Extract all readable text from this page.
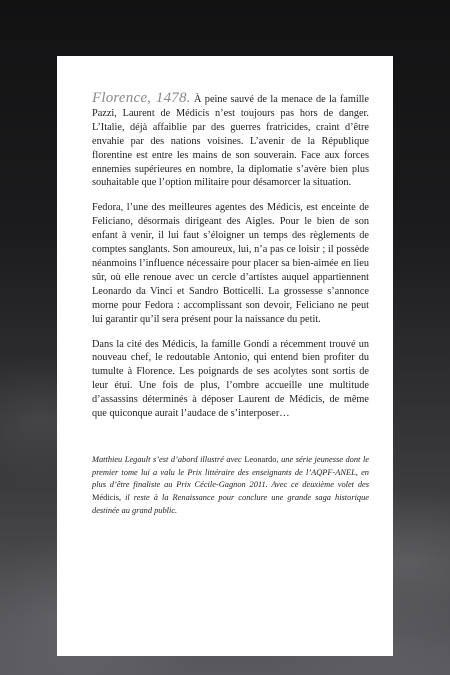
Florence, 1478. À peine sauvé de la menace de la famille Pazzi, Laurent de Médicis n’est toujours pas hors de danger. L’Italie, déjà affaiblie par des guerres fratricides, craint d’être envahie par des nations voisines. L’avenir de la République florentine est entre les mains de son souverain. Face aux forces ennemies supérieures en nombre, la diplomatie s’avère bien plus souhaitable que l’option militaire pour désamorcer la situation.

Fedora, l’une des meilleures agentes des Médicis, est enceinte de Feliciano, désormais dirigeant des Aigles. Pour le bien de son enfant à venir, il lui faut s’éloigner un temps des règlements de comptes sanglants. Son amoureux, lui, n’a pas ce loisir ; il possède néanmoins l’influence nécessaire pour placer sa bien-aimée en lieu sûr, où elle renoue avec un cercle d’artistes auquel appartiennent Leonardo da Vinci et Sandro Botticelli. La grossesse s’annonce morne pour Fedora : accomplissant son devoir, Feliciano ne peut lui garantir qu’il sera présent pour la naissance du petit.

Dans la cité des Médicis, la famille Gondi a récemment trouvé un nouveau chef, le redoutable Antonio, qui entend bien profiter du tumulte à Florence. Les poignards de ses acolytes sont sortis de leur étui. Une fois de plus, l’ombre accueille une multitude d’assassins déterminés à déposer Laurent de Médicis, de même que quiconque aurait l’audace de s’interposer…

Matthieu Legault s’est d’abord illustré avec Leonardo, une série jeunesse dont le premier tome lui a valu le Prix littéraire des enseignants de l’AQPF-ANEL, en plus d’être finaliste au Prix Cécile-Gagnon 2011. Avec ce deuxième volet des Médicis, il reste à la Renaissance pour conclure une grande saga historique destinée au grand public.
